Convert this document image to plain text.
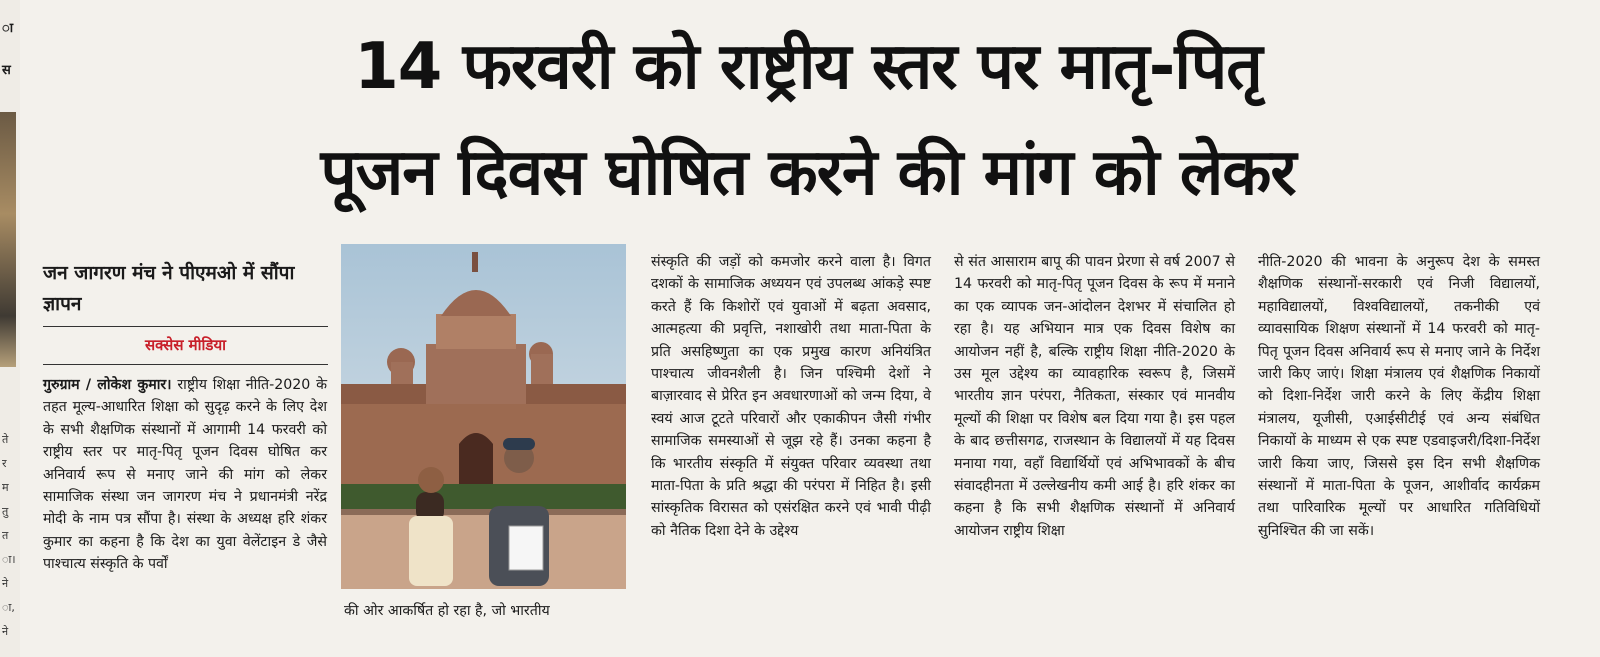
ा
स
ते
र
म
तु
त
ा।
ने
ा,
ने
14 फरवरी को राष्ट्रीय स्तर पर मातृ-पितृ
पूजन दिवस घोषित करने की मांग को लेकर
जन जागरण मंच ने पीएमओ में सौंपा ज्ञापन
सक्सेस मीडिया

गुरुग्राम / लोकेश कुमार। राष्ट्रीय शिक्षा नीति-2020 के तहत मूल्य-आधारित शिक्षा को सुदृढ़ करने के लिए देश के सभी शैक्षणिक संस्थानों में आगामी 14 फरवरी को राष्ट्रीय स्तर पर मातृ-पितृ पूजन दिवस घोषित कर अनिवार्य रूप से मनाए जाने की मांग को लेकर सामाजिक संस्था जन जागरण मंच ने प्रधानमंत्री नरेंद्र मोदी के नाम पत्र सौंपा है। संस्था के अध्यक्ष हरि शंकर कुमार का कहना है कि देश का युवा वेलेंटाइन डे जैसे पाश्चात्य संस्कृति के पर्वों

की ओर आकर्षित हो रहा है, जो भारतीय
संस्कृति की जड़ों को कमजोर करने वाला है। विगत दशकों के सामाजिक अध्ययन एवं उपलब्ध आंकड़े स्पष्ट करते हैं कि किशोरों एवं युवाओं में बढ़ता अवसाद, आत्महत्या की प्रवृत्ति, नशाखोरी तथा माता-पिता के प्रति असहिष्णुता का एक प्रमुख कारण अनियंत्रित पाश्चात्य जीवनशैली है। जिन पश्चिमी देशों ने बाज़ारवाद से प्रेरित इन अवधारणाओं को जन्म दिया, वे स्वयं आज टूटते परिवारों और एकाकीपन जैसी गंभीर सामाजिक समस्याओं से जूझ रहे हैं। उनका कहना है कि भारतीय संस्कृति में संयुक्त परिवार व्यवस्था तथा माता-पिता के प्रति श्रद्धा की परंपरा में निहित है। इसी सांस्कृतिक विरासत को एसंरक्षित करने एवं भावी पीढ़ी को नैतिक दिशा देने के उद्देश्य
से संत आसाराम बापू की पावन प्रेरणा से वर्ष 2007 से 14 फरवरी को मातृ-पितृ पूजन दिवस के रूप में मनाने का एक व्यापक जन-आंदोलन देशभर में संचालित हो रहा है। यह अभियान मात्र एक दिवस विशेष का आयोजन नहीं है, बल्कि राष्ट्रीय शिक्षा नीति-2020 के उस मूल उद्देश्य का व्यावहारिक स्वरूप है, जिसमें भारतीय ज्ञान परंपरा, नैतिकता, संस्कार एवं मानवीय मूल्यों की शिक्षा पर विशेष बल दिया गया है। इस पहल के बाद छत्तीसगढ, राजस्थान के विद्यालयों में यह दिवस मनाया गया, वहाँ विद्यार्थियों एवं अभिभावकों के बीच संवादहीनता में उल्लेखनीय कमी आई है। हरि शंकर का कहना है कि सभी शैक्षणिक संस्थानों में अनिवार्य आयोजन राष्ट्रीय शिक्षा
नीति-2020 की भावना के अनुरूप देश के समस्त शैक्षणिक संस्थानों-सरकारी एवं निजी विद्यालयों, महाविद्यालयों, विश्वविद्यालयों, तकनीकी एवं व्यावसायिक शिक्षण संस्थानों में 14 फरवरी को मातृ-पितृ पूजन दिवस अनिवार्य रूप से मनाए जाने के निर्देश जारी किए जाएं। शिक्षा मंत्रालय एवं शैक्षणिक निकायों को दिशा-निर्देश जारी करने के लिए केंद्रीय शिक्षा मंत्रालय, यूजीसी, एआईसीटीई एवं अन्य संबंधित निकायों के माध्यम से एक स्पष्ट एडवाइजरी/दिशा-निर्देश जारी किया जाए, जिससे इस दिन सभी शैक्षणिक संस्थानों में माता-पिता के पूजन, आशीर्वाद कार्यक्रम तथा पारिवारिक मूल्यों पर आधारित गतिविधियों सुनिश्चित की जा सकें।
